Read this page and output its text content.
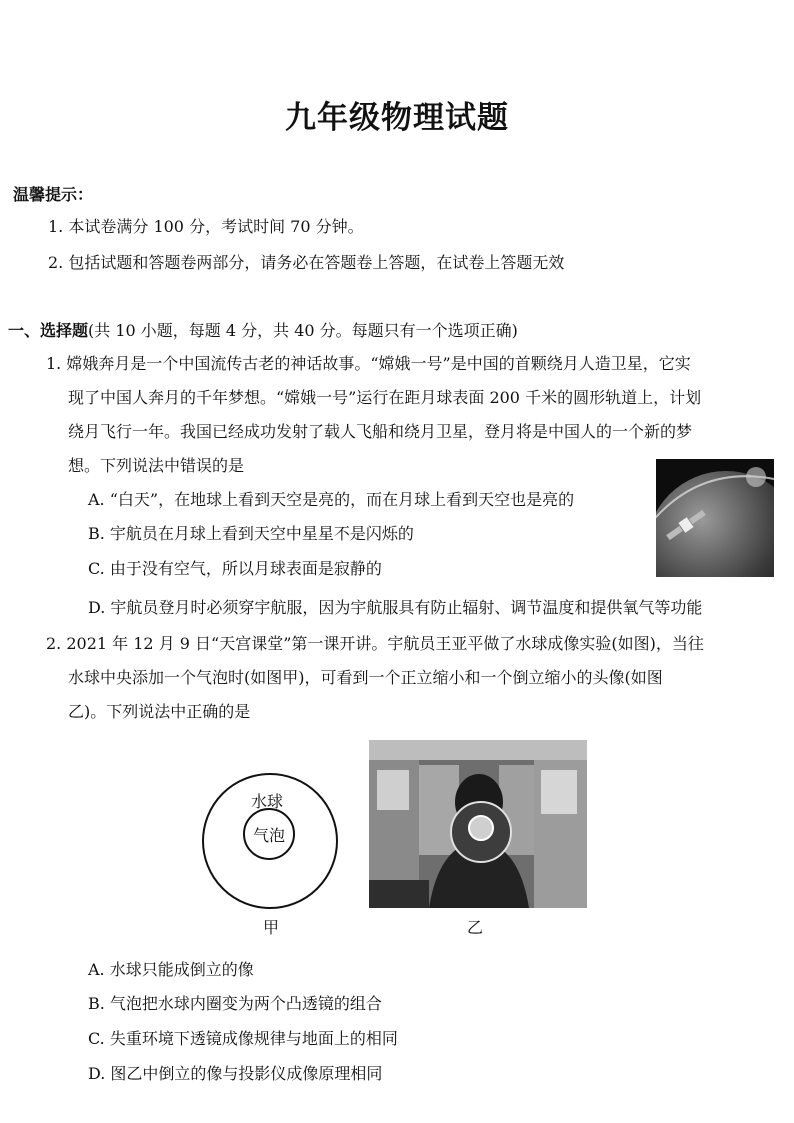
九年级物理试题
温馨提示：
1. 本试卷满分 100 分，考试时间 70 分钟。
2. 包括试题和答题卷两部分，请务必在答题卷上答题，在试卷上答题无效
一、选择题(共 10 小题，每题 4 分，共 40 分。每题只有一个选项正确)
1. 嫦娥奔月是一个中国流传古老的神话故事。“嫦娥一号”是中国的首颗绕月人造卫星，它实
现了中国人奔月的千年梦想。“嫦娥一号”运行在距月球表面 200 千米的圆形轨道上，计划
绕月飞行一年。我国已经成功发射了载人飞船和绕月卫星，登月将是中国人的一个新的梦
想。下列说法中错误的是
A. “白天”，在地球上看到天空是亮的，而在月球上看到天空也是亮的
B. 宇航员在月球上看到天空中星星不是闪烁的
C. 由于没有空气，所以月球表面是寂静的
D. 宇航员登月时必须穿宇航服，因为宇航服具有防止辐射、调节温度和提供氧气等功能
2. 2021 年 12 月 9 日“天宫课堂”第一课开讲。宇航员王亚平做了水球成像实验(如图)，当往
水球中央添加一个气泡时(如图甲)，可看到一个正立缩小和一个倒立缩小的头像(如图
乙)。下列说法中正确的是
水球
气泡
甲	乙
A. 水球只能成倒立的像
B. 气泡把水球内圈变为两个凸透镜的组合
C. 失重环境下透镜成像规律与地面上的相同
D. 图乙中倒立的像与投影仪成像原理相同
